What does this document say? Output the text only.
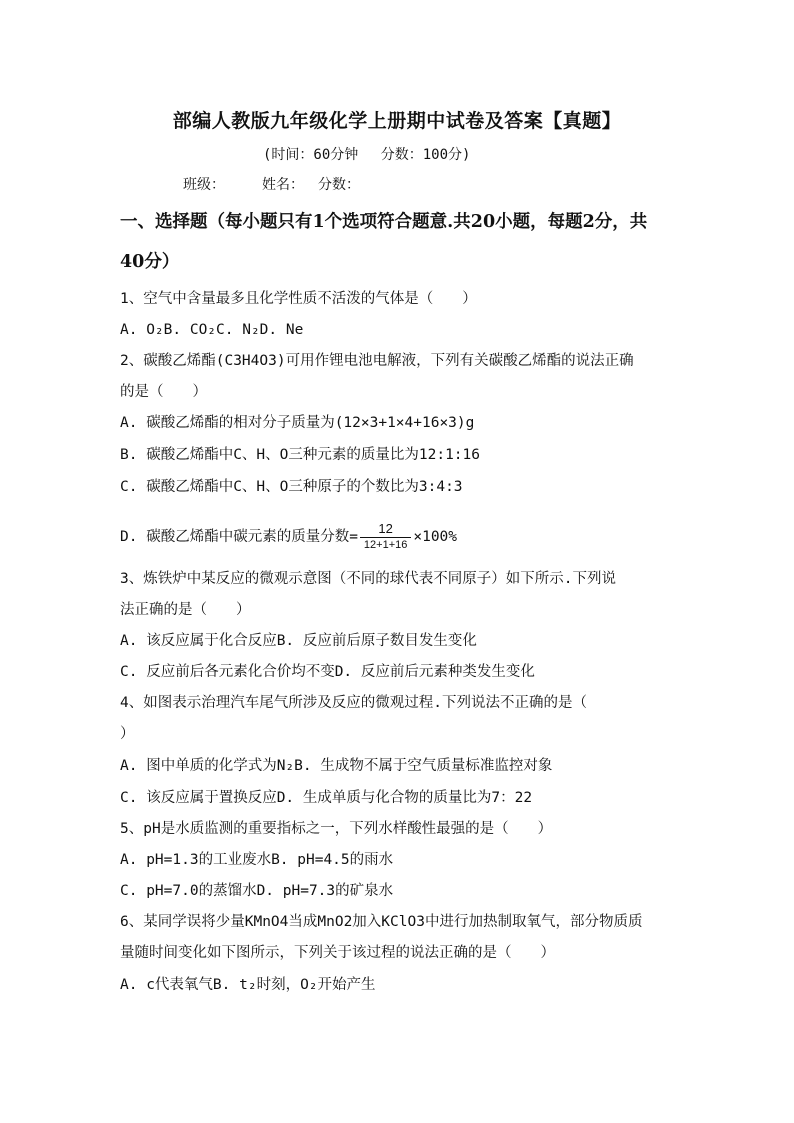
部编人教版九年级化学上册期中试卷及答案【真题】
(时间：60分钟　 分数：100分)
班级：	姓名： 分数：
一、选择题（每小题只有1个选项符合题意.共20小题，每题2分，共
40分）
1、空气中含量最多且化学性质不活泼的气体是（　　）
A. O₂B. CO₂C. N₂D. Ne
2、碳酸乙烯酯(C3H4O3)可用作锂电池电解液，下列有关碳酸乙烯酯的说法正确
的是（　　）
A. 碳酸乙烯酯的相对分子质量为(12×3+1×4+16×3)g
B. 碳酸乙烯酯中C、H、O三种元素的质量比为12:1:16
C. 碳酸乙烯酯中C、H、O三种原子的个数比为3:4:3
D. 碳酸乙烯酯中碳元素的质量分数= $\frac{12}{12+1+16} \times 100\%$
3、炼铁炉中某反应的微观示意图（不同的球代表不同原子）如下所示.下列说
法正确的是（　　）
A. 该反应属于化合反应B. 反应前后原子数目发生变化
C. 反应前后各元素化合价均不变D. 反应前后元素种类发生变化
4、如图表示治理汽车尾气所涉及反应的微观过程.下列说法不正确的是（
）
A. 图中单质的化学式为N₂B. 生成物不属于空气质量标准监控对象
C. 该反应属于置换反应D. 生成单质与化合物的质量比为7：22
5、pH是水质监测的重要指标之一，下列水样酸性最强的是（　　）
A. pH=1.3的工业废水B. pH=4.5的雨水
C. pH=7.0的蒸馏水D. pH=7.3的矿泉水
6、某同学误将少量KMnO4当成MnO2加入KClO3中进行加热制取氧气，部分物质质
量随时间变化如下图所示，下列关于该过程的说法正确的是（　　）
A. c代表氧气B. t₂时刻，O₂开始产生
